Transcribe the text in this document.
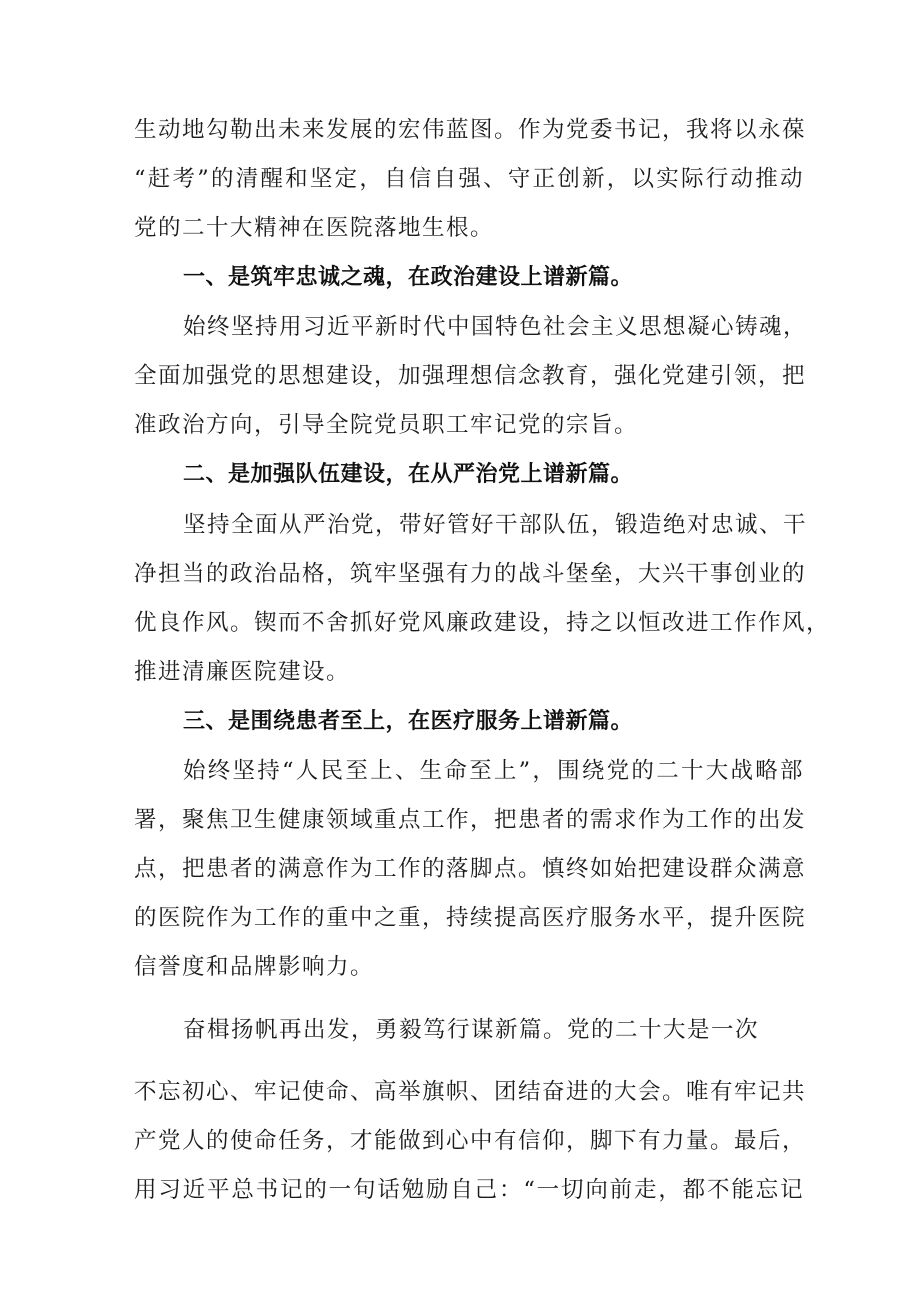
生动地勾勒出未来发展的宏伟蓝图。作为党委书记，我将以永葆
“赶考”的清醒和坚定，自信自强、守正创新，以实际行动推动
党的二十大精神在医院落地生根。
一、是筑牢忠诚之魂，在政治建设上谱新篇。
始终坚持用习近平新时代中国特色社会主义思想凝心铸魂，
全面加强党的思想建设，加强理想信念教育，强化党建引领，把
准政治方向，引导全院党员职工牢记党的宗旨。
二、是加强队伍建设，在从严治党上谱新篇。
坚持全面从严治党，带好管好干部队伍，锻造绝对忠诚、干
净担当的政治品格，筑牢坚强有力的战斗堡垒，大兴干事创业的
优良作风。锲而不舍抓好党风廉政建设，持之以恒改进工作作风，
推进清廉医院建设。
三、是围绕患者至上，在医疗服务上谱新篇。
始终坚持“人民至上、生命至上”，围绕党的二十大战略部
署，聚焦卫生健康领域重点工作，把患者的需求作为工作的出发
点，把患者的满意作为工作的落脚点。慎终如始把建设群众满意
的医院作为工作的重中之重，持续提高医疗服务水平，提升医院
信誉度和品牌影响力。
奋楫扬帆再出发，勇毅笃行谋新篇。党的二十大是一次
不忘初心、牢记使命、高举旗帜、团结奋进的大会。唯有牢记共
产党人的使命任务，才能做到心中有信仰，脚下有力量。最后，
用习近平总书记的一句话勉励自己：“一切向前走，都不能忘记
